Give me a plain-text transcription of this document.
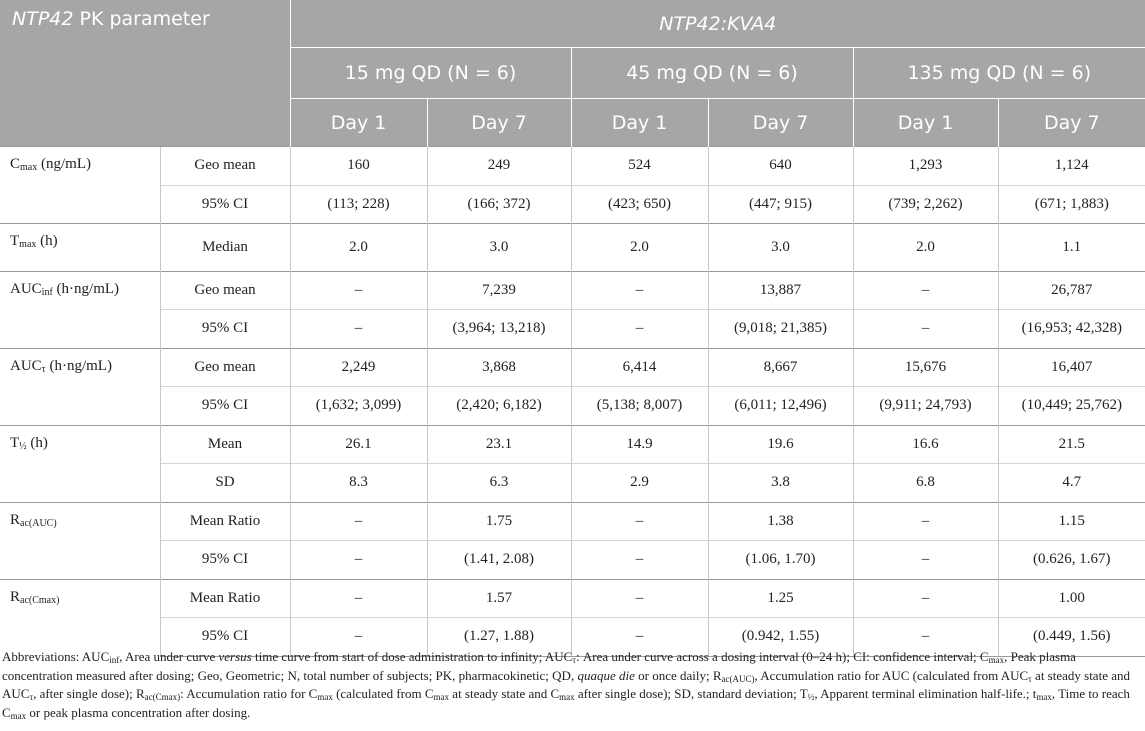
NTP42 PK parameter		NTP42:KVA4					
		15 mg QD (N = 6)		45 mg QD (N = 6)		135 mg QD (N = 6)	
		Day 1	Day 7	Day 1	Day 7	Day 1	Day 7
$C_{max}$ (ng/mL)	Geo mean	160	249	524	640	1,293	1,124
	95% CI	(113; 228)	(166; 372)	(423; 650)	(447; 915)	(739; 2,262)	(671; 1,883)
$T_{max}$ (h)	Median	2.0	3.0	2.0	3.0	2.0	1.1
$AUC_{inf}$ (h·ng/mL)	Geo mean	–	7,239	–	13,887	–	26,787
	95% CI	–	(3,964; 13,218)	–	(9,018; 21,385)	–	(16,953; 42,328)
$AUC_\tau$ (h·ng/mL)	Geo mean	2,249	3,868	6,414	8,667	15,676	16,407
	95% CI	(1,632; 3,099)	(2,420; 6,182)	(5,138; 8,007)	(6,011; 12,496)	(9,911; 24,793)	(10,449; 25,762)
$T_{\frac{1}{2}}$ (h)	Mean	26.1	23.1	14.9	19.6	16.6	21.5
	SD	8.3	6.3	2.9	3.8	6.8	4.7
$R_{ac(AUC)}$	Mean Ratio	–	1.75	–	1.38	–	1.15
	95% CI	–	(1.41, 2.08)	–	(1.06, 1.70)	–	(0.626, 1.67)
$R_{ac(Cmax)}$	Mean Ratio	–	1.57	–	1.25	–	1.00
	95% CI	–	(1.27, 1.88)	–	(0.942, 1.55)	–	(0.449, 1.56)

Abbreviations: $AUC_{inf}$, Area under curve versus time curve from start of dose administration to infinity; $AUC_\tau$: Area under curve across a dosing interval (0–24 h); CI: confidence interval; $C_{max}$, Peak plasma concentration measured after dosing; Geo, Geometric; N, total number of subjects; PK, pharmacokinetic; QD, quaque die or once daily; $R_{ac(AUC)}$, Accumulation ratio for AUC (calculated from $AUC_\tau$ at steady state and $AUC_\tau$, after single dose); $R_{ac(Cmax)}$: Accumulation ratio for $C_{max}$ (calculated from $C_{max}$ at steady state and $C_{max}$ after single dose); SD, standard deviation; $T_{\frac{1}{2}}$, Apparent terminal elimination half-life.; $t_{max}$, Time to reach $C_{max}$ or peak plasma concentration after dosing.
